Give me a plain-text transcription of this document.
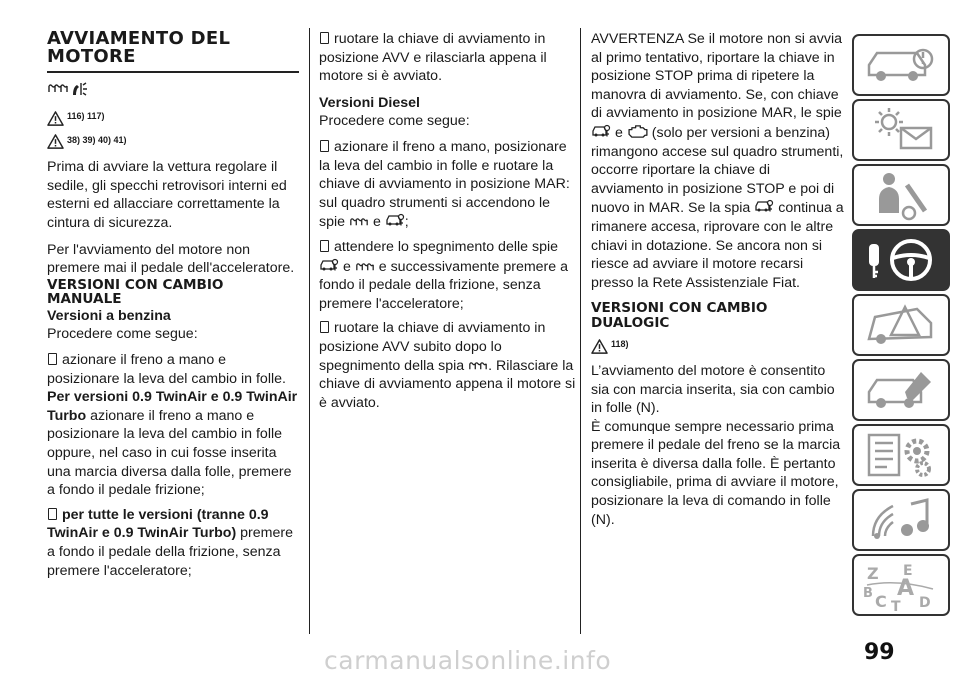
AVVIAMENTO DEL
MOTORE

116) 117)
38) 39) 40) 41)

Prima di avviare la vettura regolare il sedile, gli specchi retrovisori interni ed esterni ed allacciare correttamente la cintura di sicurezza.

Per l'avviamento del motore non premere mai il pedale dell'acceleratore.

VERSIONI CON CAMBIO
MANUALE

Versioni a benzina

Procedere come segue:

azionare il freno a mano e posizionare la leva del cambio in folle.

Per versioni 0.9 TwinAir e 0.9 TwinAir Turbo azionare il freno a mano e posizionare la leva del cambio in folle oppure, nel caso in cui fosse inserita una marcia diversa dalla folle, premere a fondo il pedale frizione;

per tutte le versioni (tranne 0.9 TwinAir e 0.9 TwinAir Turbo) premere a fondo il pedale della frizione, senza premere l'acceleratore;

ruotare la chiave di avviamento in posizione AVV e rilasciarla appena il motore si è avviato.

Versioni Diesel

Procedere come segue:

azionare il freno a mano, posizionare la leva del cambio in folle e ruotare la chiave di avviamento in posizione MAR: sul quadro strumenti si accendono le spie e ;

attendere lo spegnimento delle spie  e e successivamente premere a fondo il pedale della frizione, senza premere l'acceleratore;

ruotare la chiave di avviamento in posizione AVV subito dopo lo spegnimento della spia . Rilasciare la chiave di avviamento appena il motore si è avviato.

AVVERTENZA Se il motore non si avvia al primo tentativo, riportare la chiave in posizione STOP prima di ripetere la manovra di avviamento. Se, con chiave di avviamento in posizione MAR, le spie  e (solo per versioni a benzina) rimangono accese sul quadro strumenti, occorre riportare la chiave di avviamento in posizione STOP e poi di nuovo in MAR. Se la spia continua a rimanere accesa, riprovare con le altre chiavi in dotazione. Se ancora non si riesce ad avviare il motore recarsi presso la Rete Assistenziale Fiat.

VERSIONI CON CAMBIO
DUALOGIC

118)

L’avviamento del motore è consentito sia con marcia inserita, sia con cambio in folle (N).

È comunque sempre necessario prima premere il pedale del freno se la marcia inserita è diversa dalla folle. È pertanto consigliabile, prima di avviare il motore, posizionare la leva di comando in folle (N).

Z E
B A
C D
T
99
carmanualsonline.info
